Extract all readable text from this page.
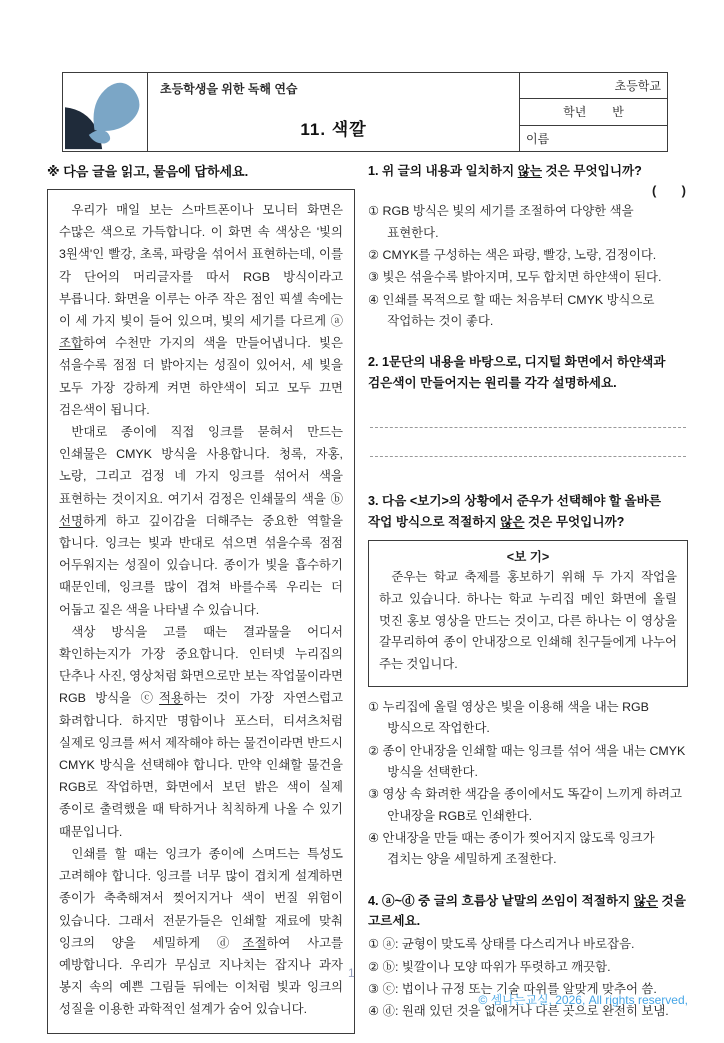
초등학생을 위한 독해 연습
11. 색깔
초등학교
학년 반
이름

※ 다음 글을 읽고, 물음에 답하세요.

우리가 매일 보는 스마트폰이나 모니터 화면은 수많은 색으로 가득합니다. 이 화면 속 색상은 '빛의 3원색'인 빨강, 초록, 파랑을 섞어서 표현하는데, 이를 각 단어의 머리글자를 따서 RGB 방식이라고 부릅니다. 화면을 이루는 아주 작은 점인 픽셀 속에는 이 세 가지 빛이 들어 있으며, 빛의 세기를 다르게 ⓐ조합하여 수천만 가지의 색을 만들어냅니다. 빛은 섞을수록 점점 더 밝아지는 성질이 있어서, 세 빛을 모두 가장 강하게 켜면 하얀색이 되고 모두 끄면 검은색이 됩니다.

반대로 종이에 직접 잉크를 묻혀서 만드는 인쇄물은 CMYK 방식을 사용합니다. 청록, 자홍, 노랑, 그리고 검정 네 가지 잉크를 섞어서 색을 표현하는 것이지요. 여기서 검정은 인쇄물의 색을 ⓑ선명하게 하고 깊이감을 더해주는 중요한 역할을 합니다. 잉크는 빛과 반대로 섞으면 섞을수록 점점 어두워지는 성질이 있습니다. 종이가 빛을 흡수하기 때문인데, 잉크를 많이 겹쳐 바를수록 우리는 더 어둡고 짙은 색을 나타낼 수 있습니다.

색상 방식을 고를 때는 결과물을 어디서 확인하는지가 가장 중요합니다. 인터넷 누리집의 단추나 사진, 영상처럼 화면으로만 보는 작업물이라면 RGB 방식을 ⓒ적용하는 것이 가장 자연스럽고 화려합니다. 하지만 명함이나 포스터, 티셔츠처럼 실제로 잉크를 써서 제작해야 하는 물건이라면 반드시 CMYK 방식을 선택해야 합니다. 만약 인쇄할 물건을 RGB로 작업하면, 화면에서 보던 밝은 색이 실제 종이로 출력했을 때 탁하거나 칙칙하게 나올 수 있기 때문입니다.

인쇄를 할 때는 잉크가 종이에 스며드는 특성도 고려해야 합니다. 잉크를 너무 많이 겹치게 설계하면 종이가 축축해져서 찢어지거나 색이 번질 위험이 있습니다. 그래서 전문가들은 인쇄할 재료에 맞춰 잉크의 양을 세밀하게 ⓓ조절하여 사고를 예방합니다. 우리가 무심코 지나치는 잡지나 과자 봉지 속의 예쁜 그림들 뒤에는 이처럼 빛과 잉크의 성질을 이용한 과학적인 설계가 숨어 있습니다.

1. 위 글의 내용과 일치하지 않는 것은 무엇입니까?

(       )

① RGB 방식은 빛의 세기를 조절하여 다양한 색을 표현한다.

② CMYK를 구성하는 색은 파랑, 빨강, 노랑, 검정이다.

③ 빛은 섞을수록 밝아지며, 모두 합치면 하얀색이 된다.

④ 인쇄를 목적으로 할 때는 처음부터 CMYK 방식으로 작업하는 것이 좋다.

2. 1문단의 내용을 바탕으로, 디지털 화면에서 하얀색과 검은색이 만들어지는 원리를 각각 설명하세요.

3. 다음 <보기>의 상황에서 준우가 선택해야 할 올바른 작업 방식으로 적절하지 않은 것은 무엇입니까?

<보 기>

준우는 학교 축제를 홍보하기 위해 두 가지 작업을 하고 있습니다. 하나는 학교 누리집 메인 화면에 올릴 멋진 홍보 영상을 만드는 것이고, 다른 하나는 이 영상을 갈무리하여 종이 안내장으로 인쇄해 친구들에게 나누어 주는 것입니다.

① 누리집에 올릴 영상은 빛을 이용해 색을 내는 RGB 방식으로 작업한다.

② 종이 안내장을 인쇄할 때는 잉크를 섞어 색을 내는 CMYK 방식을 선택한다.

③ 영상 속 화려한 색감을 종이에서도 똑같이 느끼게 하려고 안내장을 RGB로 인쇄한다.

④ 안내장을 만들 때는 종이가 찢어지지 않도록 잉크가 겹치는 양을 세밀하게 조절한다.

4. ⓐ~ⓓ 중 글의 흐름상 낱말의 쓰임이 적절하지 않은 것을 고르세요.

① ⓐ: 균형이 맞도록 상태를 다스리거나 바로잡음.

② ⓑ: 빛깔이나 모양 따위가 뚜렷하고 깨끗함.

③ ⓒ: 법이나 규정 또는 기술 따위를 알맞게 맞추어 씀.

④ ⓓ: 원래 있던 것을 없애거나 다른 곳으로 완전히 보냄.

1
© 셈나는교실, 2026, All rights reserved,
